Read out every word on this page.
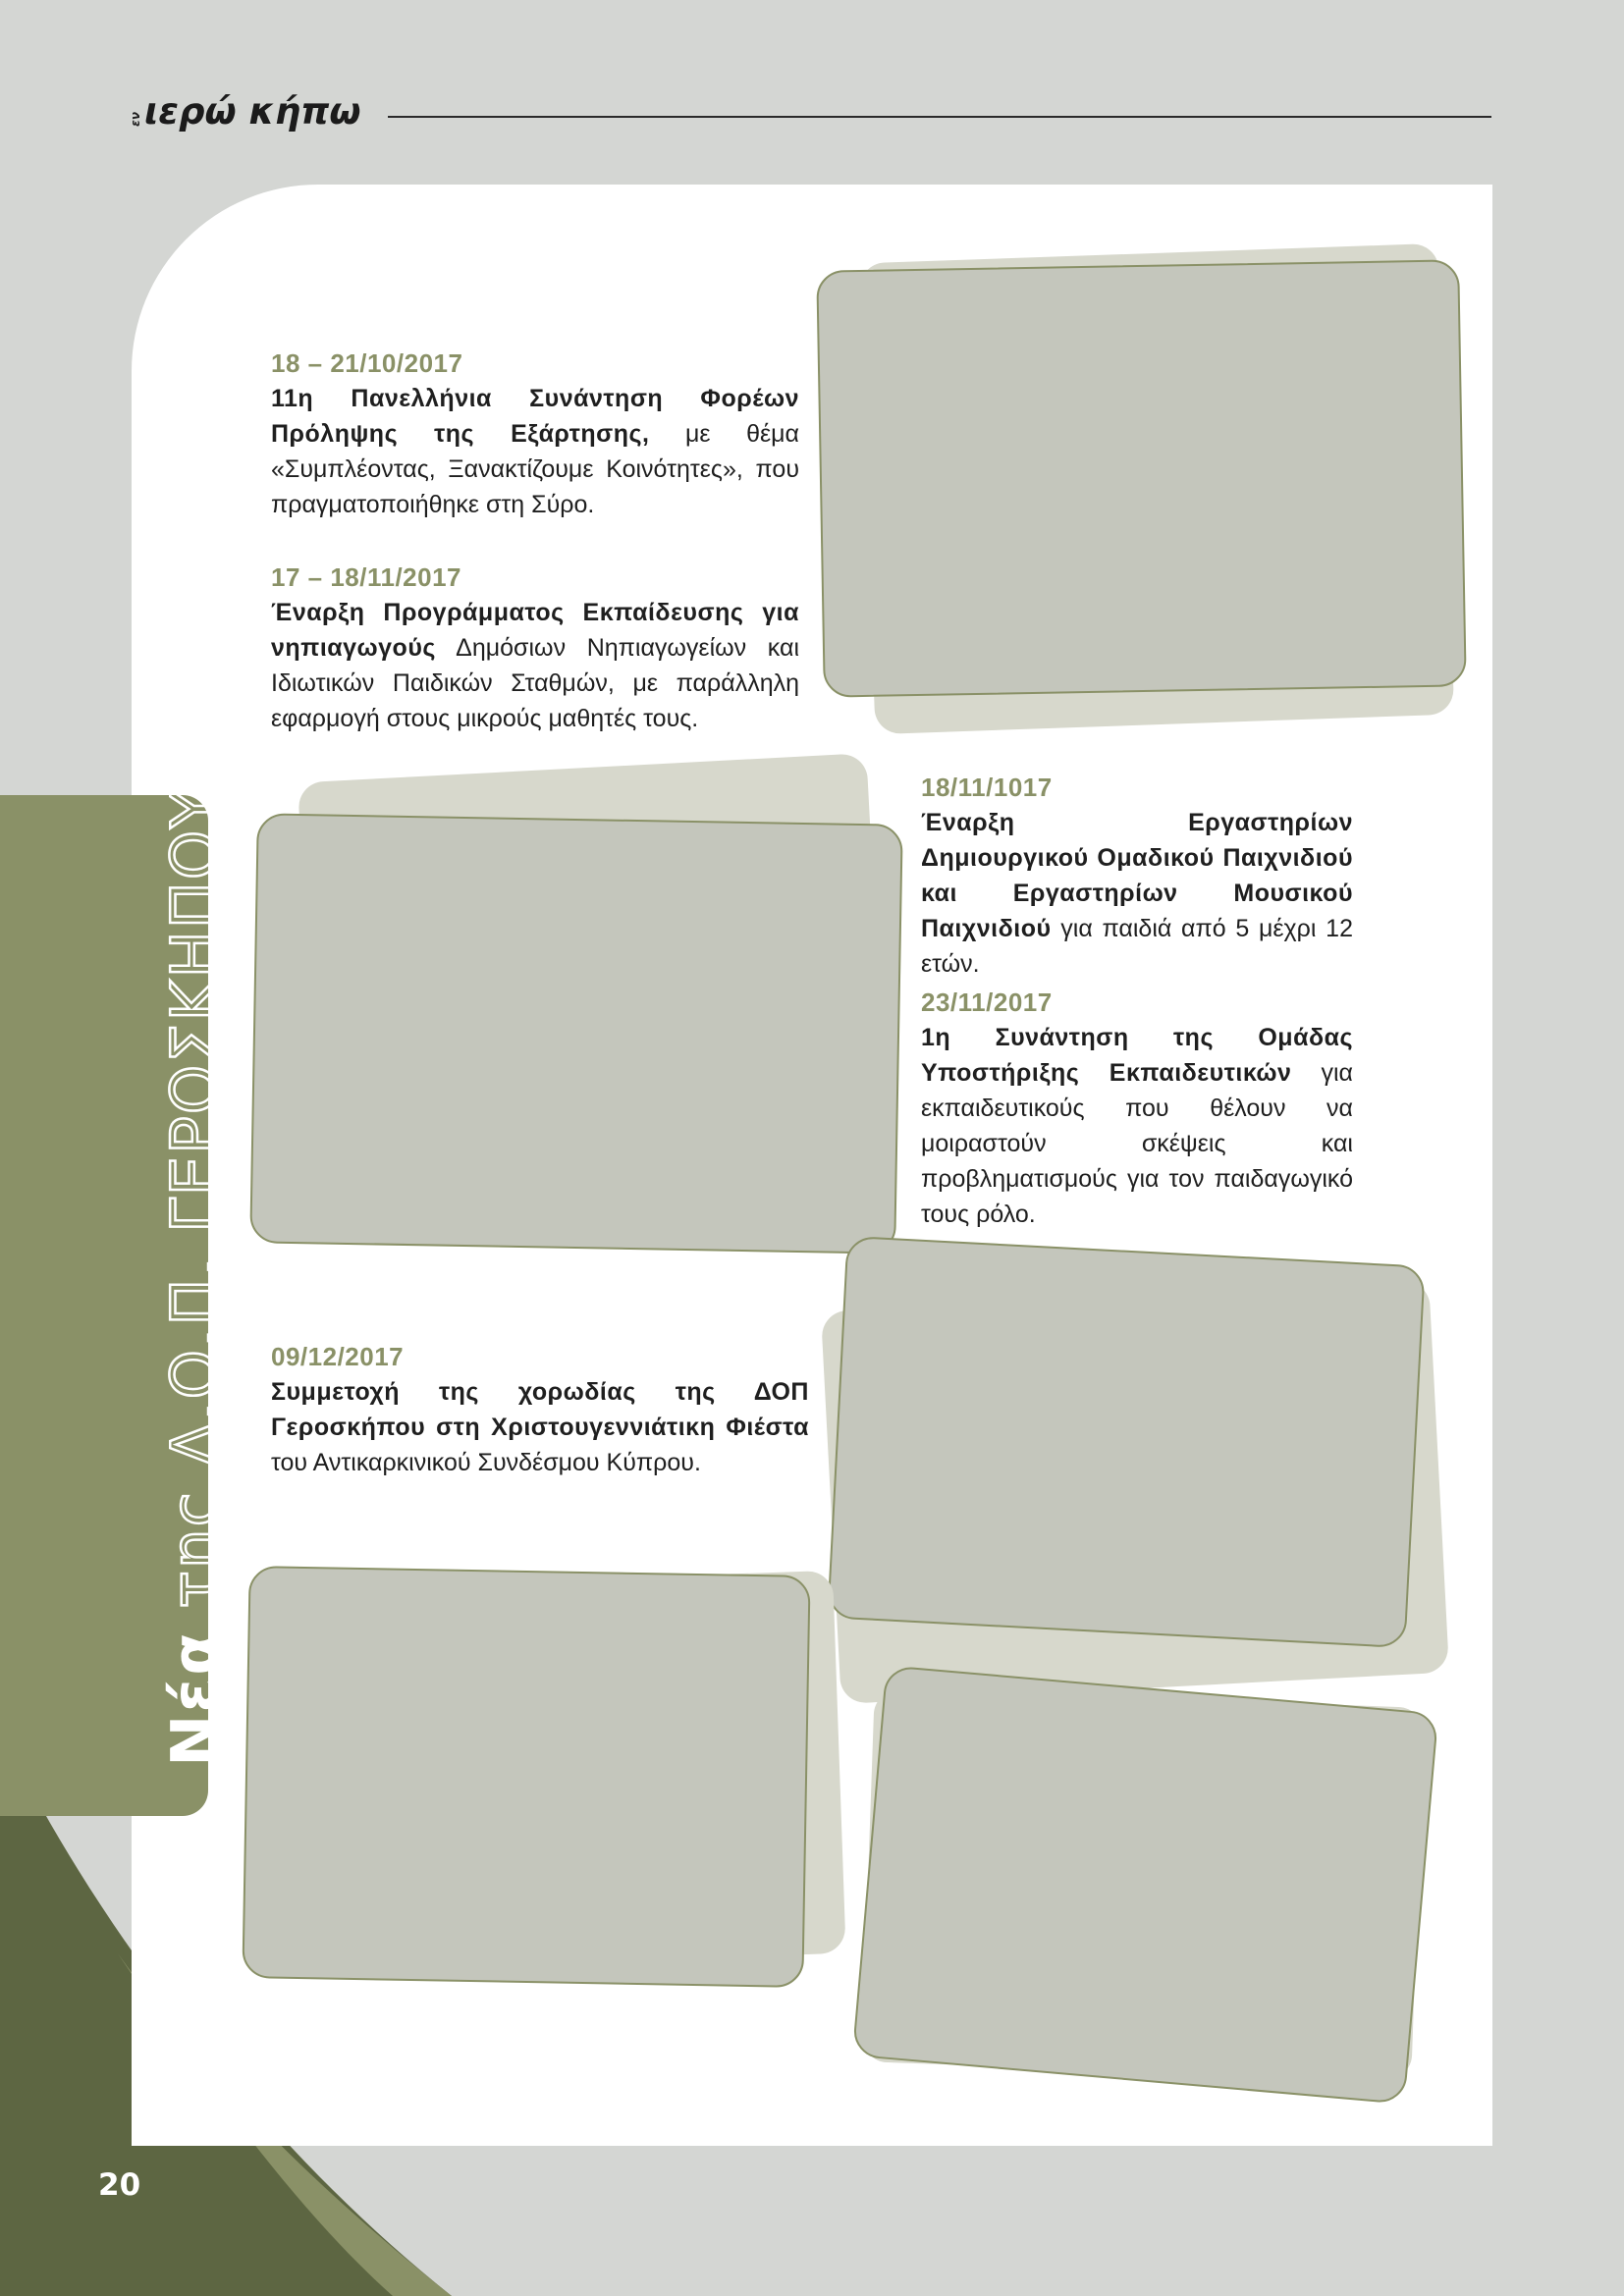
εν ιερώ κήπω
Νέα της Δ.Ο.Π. ΓΕΡΟΣΚΗΠΟΥ

18 – 21/10/2017

11η Πανελλήνια Συνάντηση Φορέων Πρόληψης της Εξάρτησης, με θέμα «Συμπλέοντας, Ξανακτίζουμε Κοινότητες», που πραγματοποιήθηκε στη Σύρο.

17 – 18/11/2017

Έναρξη Προγράμματος Εκπαίδευσης για νηπιαγωγούς Δημόσιων Νηπιαγωγείων και Ιδιωτικών Παιδικών Σταθμών, με παράλληλη εφαρμογή στους μικρούς μαθητές τους.

18/11/1017

Έναρξη Εργαστηρίων Δημιουργικού Ομαδικού Παιχνιδιού και Εργαστηρίων Μουσικού Παιχνιδιού για παιδιά από 5 μέχρι 12 ετών.

23/11/2017

1η Συνάντηση της Ομάδας Υποστήριξης Εκπαιδευτικών για εκπαιδευτικούς που θέλουν να μοιραστούν σκέψεις και προβληματισμούς για τον παιδαγωγικό τους ρόλο.

09/12/2017

Συμμετοχή της χορωδίας της ΔΟΠ Γεροσκήπου στη Χριστουγεννιάτικη Φιέστα του Αντικαρκινικού Συνδέσμου Κύπρου.

20
